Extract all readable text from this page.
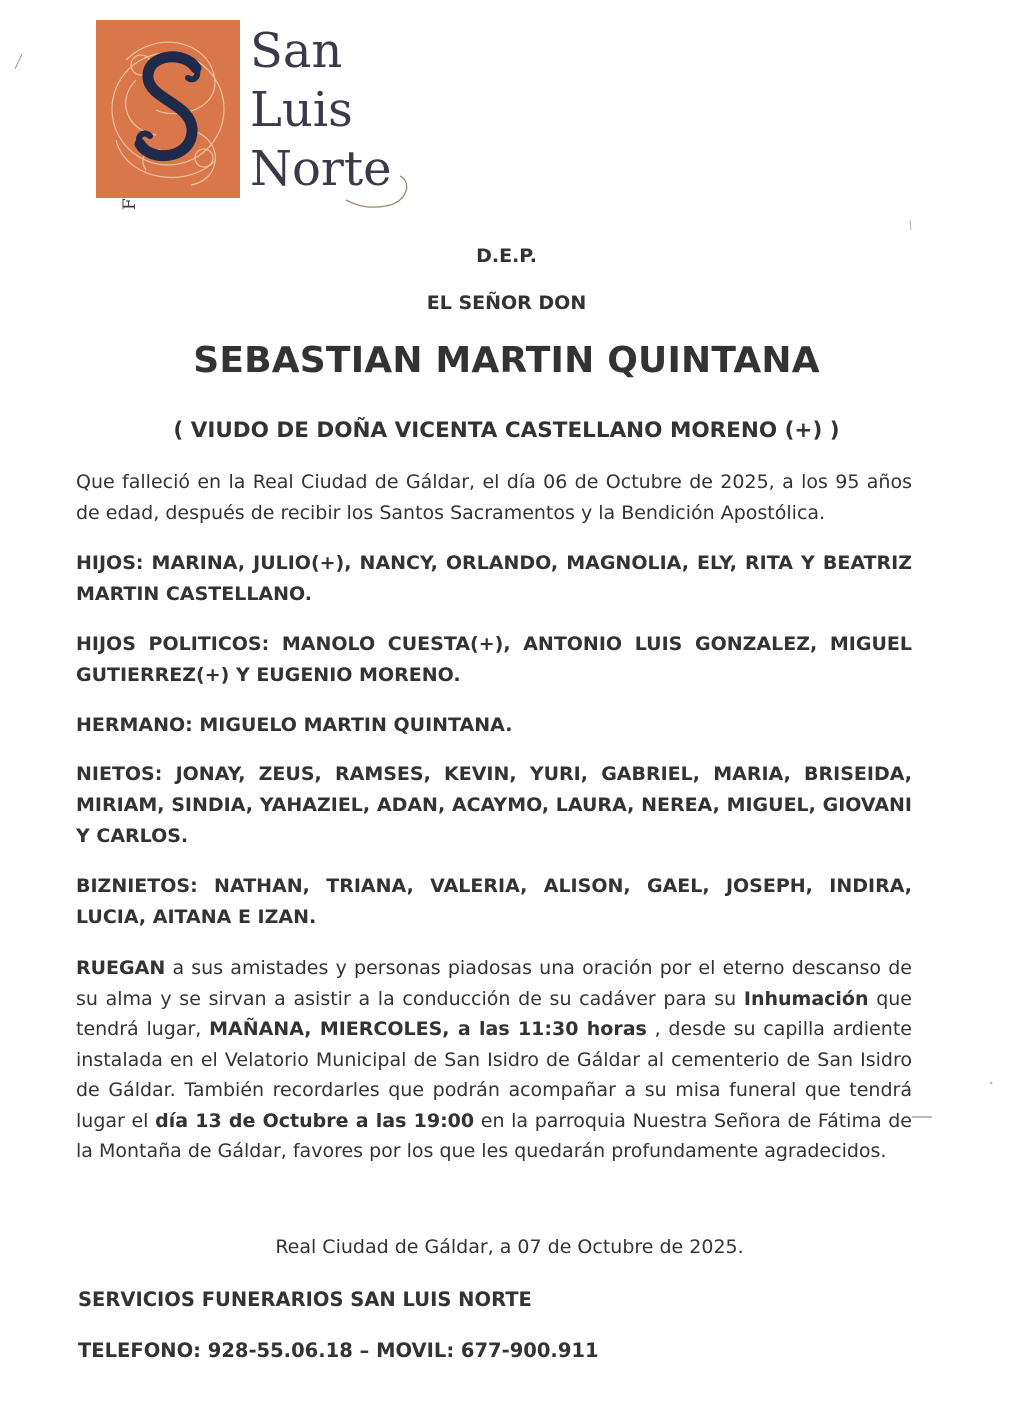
San
Luis
Norte
D.E.P.
EL SEÑOR DON
SEBASTIAN MARTIN QUINTANA
( VIUDO DE DOÑA VICENTA CASTELLANO MORENO (+) )
Que falleció en la Real Ciudad de Gáldar, el día 06 de Octubre de 2025, a los 95 años de edad, después de recibir los Santos Sacramentos y la Bendición Apostólica.
HIJOS: MARINA, JULIO(+), NANCY, ORLANDO, MAGNOLIA, ELY, RITA Y BEATRIZ MARTIN CASTELLANO.
HIJOS POLITICOS: MANOLO CUESTA(+), ANTONIO LUIS GONZALEZ, MIGUEL GUTIERREZ(+) Y EUGENIO MORENO.
HERMANO: MIGUELO MARTIN QUINTANA.
NIETOS: JONAY, ZEUS, RAMSES, KEVIN, YURI, GABRIEL, MARIA, BRISEIDA, MIRIAM, SINDIA, YAHAZIEL, ADAN, ACAYMO, LAURA, NEREA, MIGUEL, GIOVANI Y CARLOS.
BIZNIETOS: NATHAN, TRIANA, VALERIA, ALISON, GAEL, JOSEPH, INDIRA, LUCIA, AITANA E IZAN.
RUEGAN a sus amistades y personas piadosas una oración por el eterno descanso de su alma y se sirvan a asistir a la conducción de su cadáver para su Inhumación que tendrá lugar, MAÑANA, MIERCOLES, a las 11:30 horas , desde su capilla ardiente instalada en el Velatorio Municipal de San Isidro de Gáldar al cementerio de San Isidro de Gáldar. También recordarles que podrán acompañar a su misa funeral que tendrá lugar el día 13 de Octubre a las 19:00 en la parroquia Nuestra Señora de Fátima de la Montaña de Gáldar, favores por los que les quedarán profundamente agradecidos.
Real Ciudad de Gáldar, a 07 de Octubre de 2025.
SERVICIOS FUNERARIOS SAN LUIS NORTE
TELEFONO: 928-55.06.18 – MOVIL: 677-900.911
